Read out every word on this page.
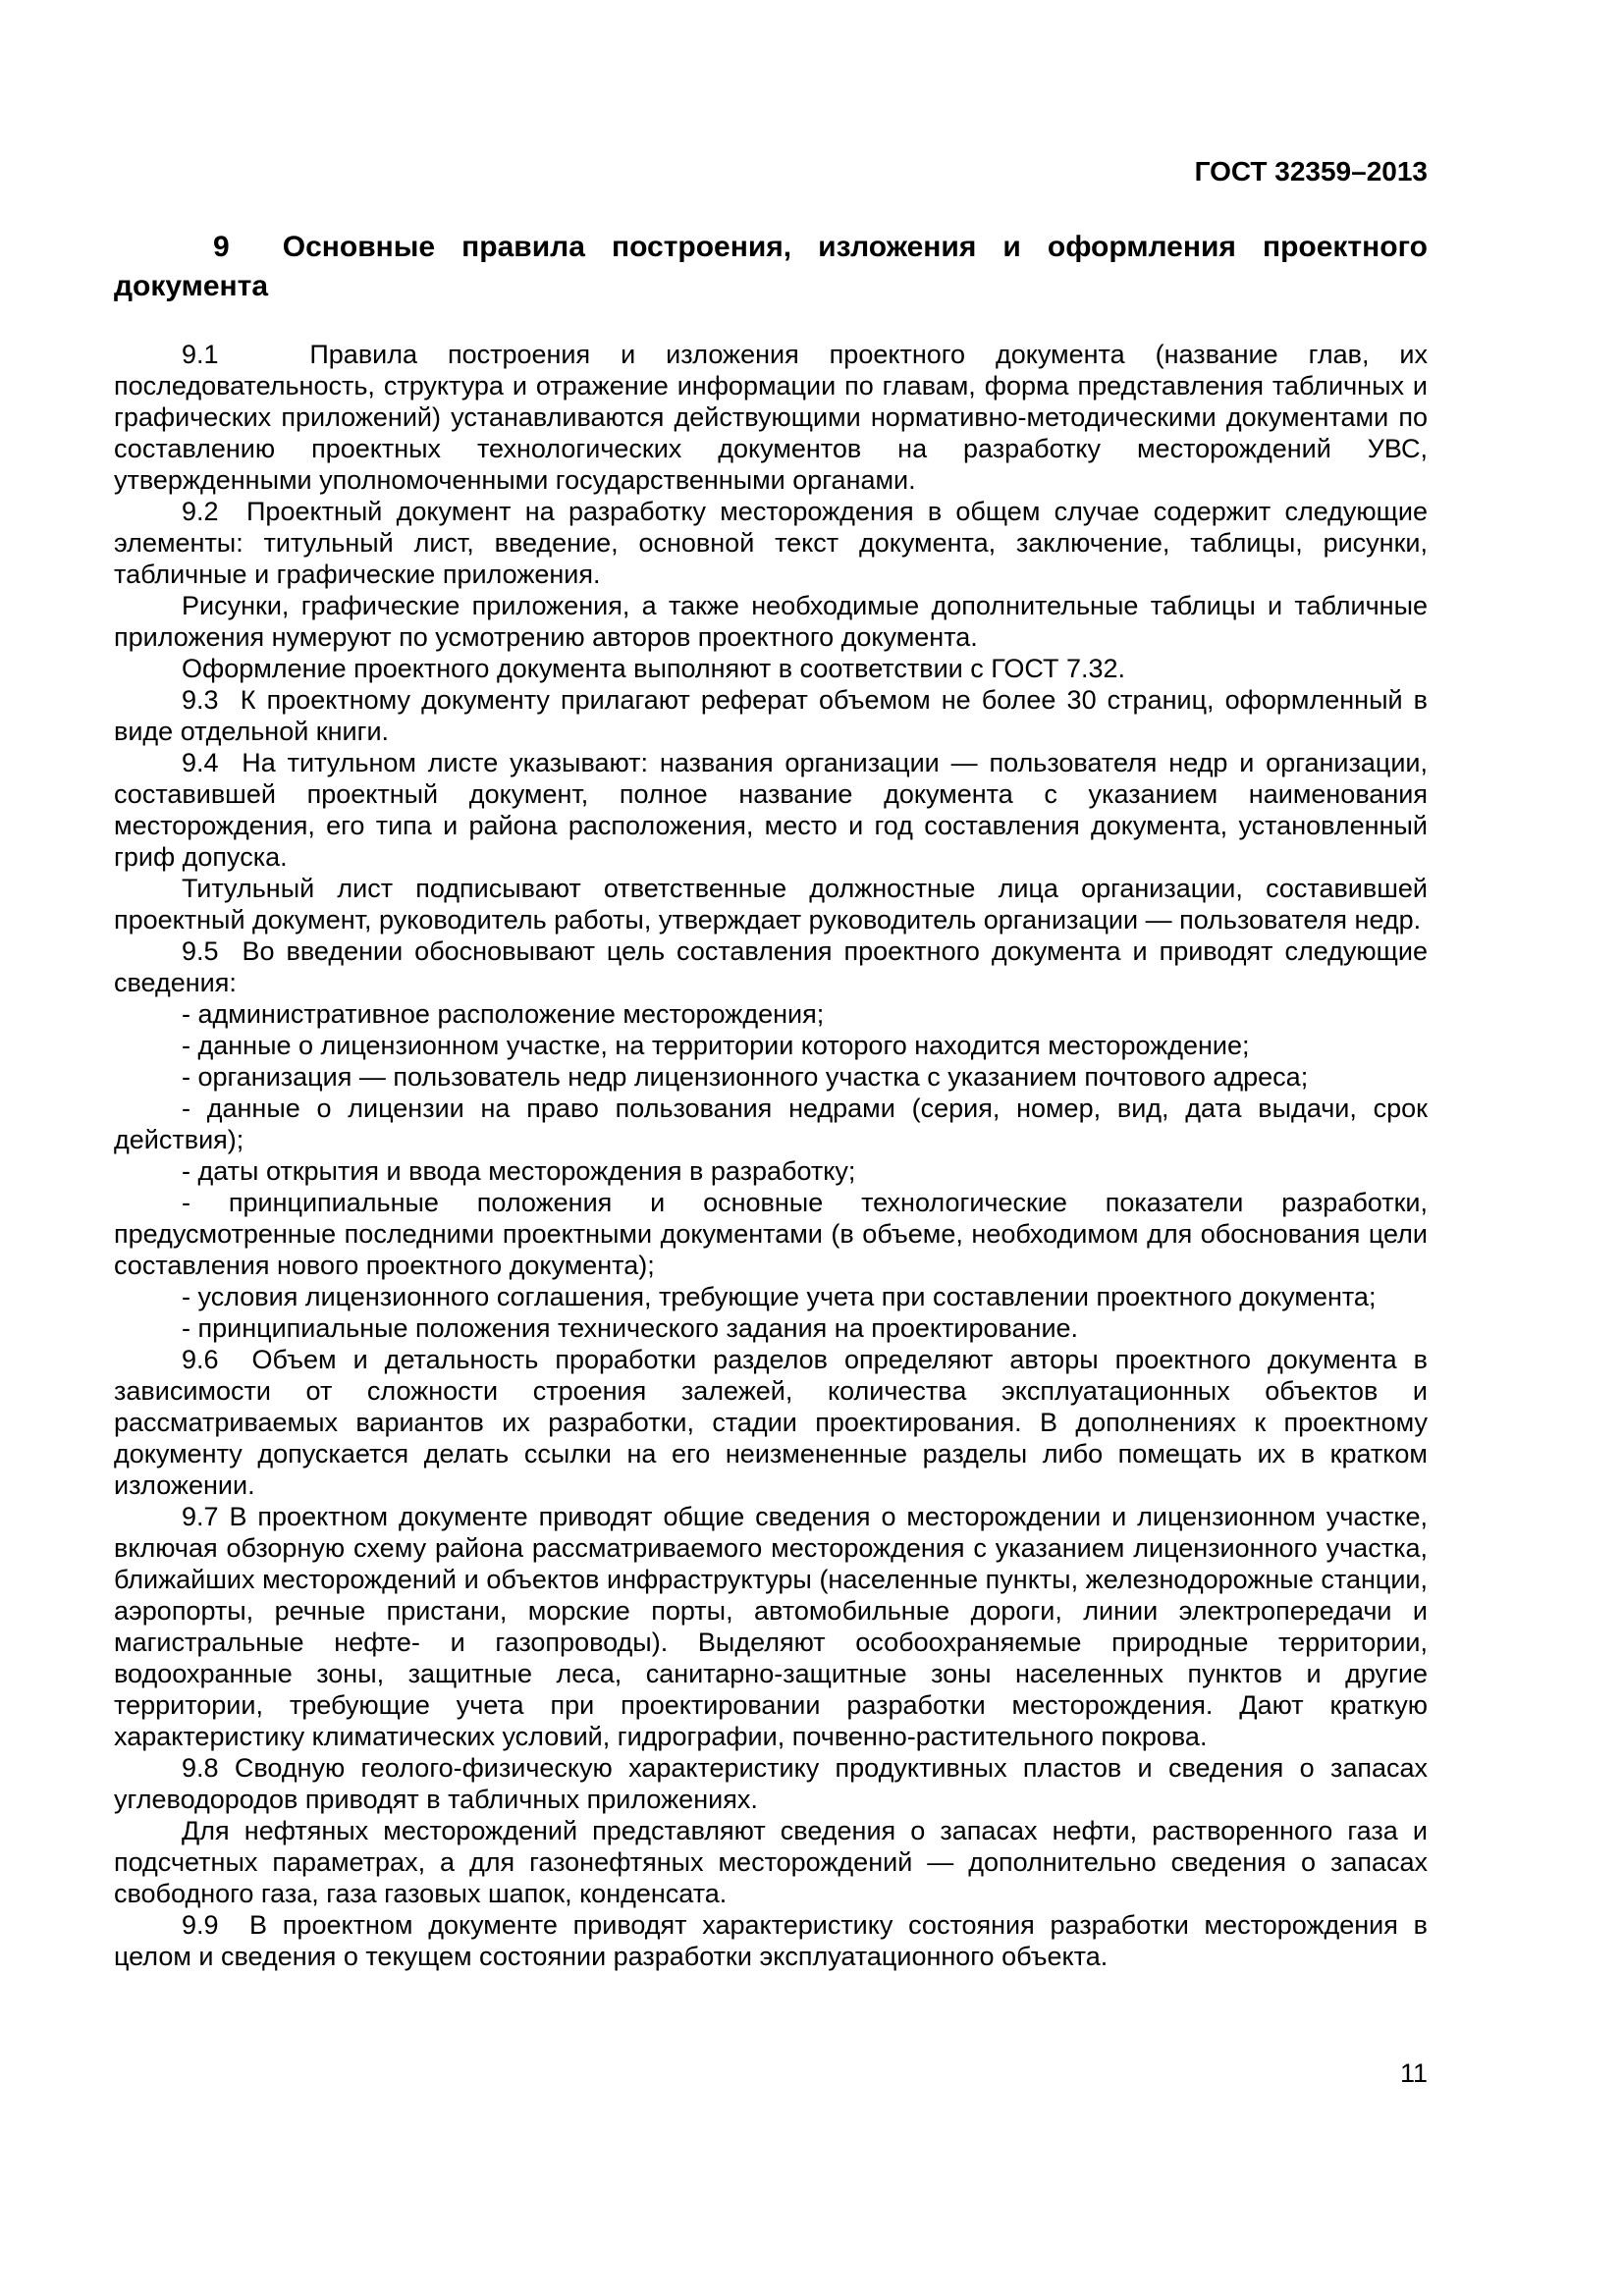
ГОСТ 32359–2013
9  Основные правила построения, изложения и оформления проектного документа

9.1   Правила построения и изложения проектного документа (название глав, их последовательность, структура и отражение информации по главам, форма представления табличных и графических приложений) устанавливаются действующими нормативно-методическими документами по составлению проектных технологических документов на разработку месторождений УВС, утвержденными уполномоченными государственными органами.

9.2  Проектный документ на разработку месторождения в общем случае содержит следующие элементы: титульный лист, введение, основной текст документа, заключение, таблицы, рисунки, табличные и графические приложения.

Рисунки, графические приложения, а также необходимые дополнительные таблицы и табличные приложения нумеруют по усмотрению авторов проектного документа.

Оформление проектного документа выполняют в соответствии с ГОСТ 7.32.

9.3  К проектному документу прилагают реферат объемом не более 30 страниц, оформленный в виде отдельной книги.

9.4  На титульном листе указывают: названия организации — пользователя недр и организации, составившей проектный документ, полное название документа с указанием наименования месторождения, его типа и района расположения, место и год составления документа, установленный гриф допуска.

Титульный лист подписывают ответственные должностные лица организации, составившей проектный документ, руководитель работы, утверждает руководитель организации — пользователя недр.

9.5  Во введении обосновывают цель составления проектного документа и приводят следующие сведения:

- административное расположение месторождения;

- данные о лицензионном участке, на территории которого находится месторождение;

- организация — пользователь недр лицензионного участка с указанием почтового адреса;

- данные о лицензии на право пользования недрами (серия, номер, вид, дата выдачи, срок действия);

- даты открытия и ввода месторождения в разработку;

- принципиальные положения и основные технологические показатели разработки, предусмотренные последними проектными документами (в объеме, необходимом для обоснования цели составления нового проектного документа);

- условия лицензионного соглашения, требующие учета при составлении проектного документа;

- принципиальные положения технического задания на проектирование.

9.6  Объем и детальность проработки разделов определяют авторы проектного документа в зависимости от сложности строения залежей, количества эксплуатационных объектов и рассматриваемых вариантов их разработки, стадии проектирования. В дополнениях к проектному документу допускается делать ссылки на его неизмененные разделы либо помещать их в кратком изложении.

9.7 В проектном документе приводят общие сведения о месторождении и лицензионном участке, включая обзорную схему района рассматриваемого месторождения с указанием лицензионного участка, ближайших месторождений и объектов инфраструктуры (населенные пункты, железнодорожные станции, аэропорты, речные пристани, морские порты, автомобильные дороги, линии электропередачи и магистральные нефте- и газопроводы). Выделяют особоохраняемые природные территории, водоохранные зоны, защитные леса, санитарно-защитные зоны населенных пунктов и другие территории, требующие учета при проектировании разработки месторождения. Дают краткую характеристику климатических условий, гидрографии, почвенно-растительного покрова.

9.8 Сводную геолого-физическую характеристику продуктивных пластов и сведения о запасах углеводородов приводят в табличных приложениях.

Для нефтяных месторождений представляют сведения о запасах нефти, растворенного газа и подсчетных параметрах, а для газонефтяных месторождений — дополнительно сведения о запасах свободного газа, газа газовых шапок, конденсата.

9.9  В проектном документе приводят характеристику состояния разработки месторождения в целом и сведения о текущем состоянии разработки эксплуатационного объекта.

11
